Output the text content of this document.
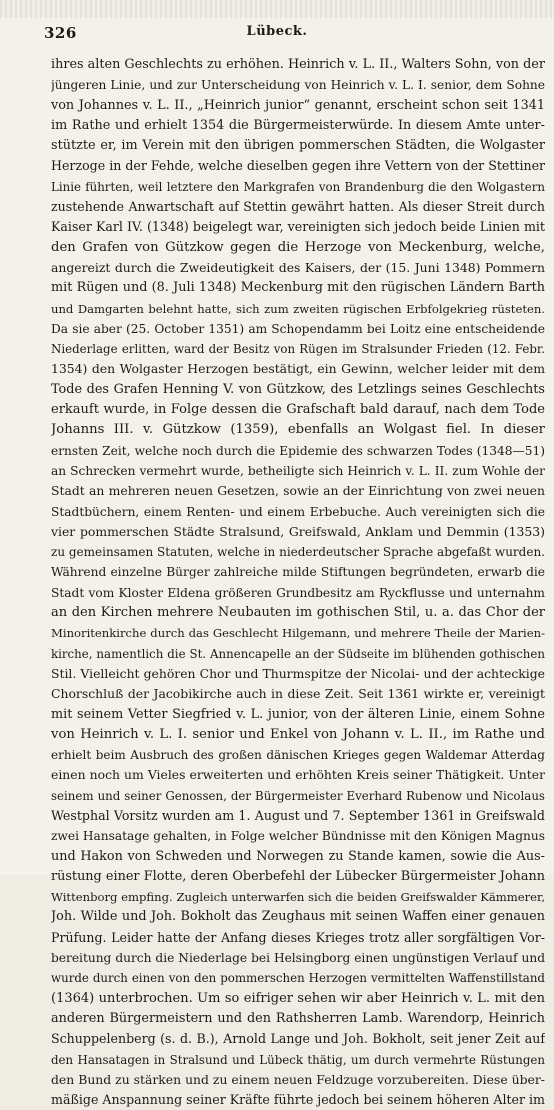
326	Lübeck.
ihres alten Geschlechts zu erhöhen. Heinrich v. L. II., Walters Sohn, von der
jüngeren Linie, und zur Unterscheidung von Heinrich v. L. I. senior, dem Sohne
von Johannes v. L. II., „Heinrich junior“ genannt, erscheint schon seit 1341
im Rathe und erhielt 1354 die Bürgermeisterwürde. In diesem Amte unter-
stützte er, im Verein mit den übrigen pommerschen Städten, die Wolgaster
Herzoge in der Fehde, welche dieselben gegen ihre Vettern von der Stettiner
Linie führten, weil letztere den Markgrafen von Brandenburg die den Wolgastern
zustehende Anwartschaft auf Stettin gewährt hatten. Als dieser Streit durch
Kaiser Karl IV. (1348) beigelegt war, vereinigten sich jedoch beide Linien mit
den Grafen von Gützkow gegen die Herzoge von Meckenburg, welche,
angereizt durch die Zweideutigkeit des Kaisers, der (15. Juni 1348) Pommern
mit Rügen und (8. Juli 1348) Meckenburg mit den rügischen Ländern Barth
und Damgarten belehnt hatte, sich zum zweiten rügischen Erbfolgekrieg rüsteten.
Da sie aber (25. October 1351) am Schopendamm bei Loitz eine entscheidende
Niederlage erlitten, ward der Besitz von Rügen im Stralsunder Frieden (12. Febr.
1354) den Wolgaster Herzogen bestätigt, ein Gewinn, welcher leider mit dem
Tode des Grafen Henning V. von Gützkow, des Letzlings seines Geschlechts
erkauft wurde, in Folge dessen die Grafschaft bald darauf, nach dem Tode
Johanns III. v. Gützkow (1359), ebenfalls an Wolgast fiel. In dieser
ernsten Zeit, welche noch durch die Epidemie des schwarzen Todes (1348—51)
an Schrecken vermehrt wurde, betheiligte sich Heinrich v. L. II. zum Wohle der
Stadt an mehreren neuen Gesetzen, sowie an der Einrichtung von zwei neuen
Stadtbüchern, einem Renten- und einem Erbebuche. Auch vereinigten sich die
vier pommerschen Städte Stralsund, Greifswald, Anklam und Demmin (1353)
zu gemeinsamen Statuten, welche in niederdeutscher Sprache abgefaßt wurden.
Während einzelne Bürger zahlreiche milde Stiftungen begründeten, erwarb die
Stadt vom Kloster Eldena größeren Grundbesitz am Ryckflusse und unternahm
an den Kirchen mehrere Neubauten im gothischen Stil, u. a. das Chor der
Minoritenkirche durch das Geschlecht Hilgemann, und mehrere Theile der Marien-
kirche, namentlich die St. Annencapelle an der Südseite im blühenden gothischen
Stil. Vielleicht gehören Chor und Thurmspitze der Nicolai- und der achteckige
Chorschluß der Jacobikirche auch in diese Zeit. Seit 1361 wirkte er, vereinigt
mit seinem Vetter Siegfried v. L. junior, von der älteren Linie, einem Sohne
von Heinrich v. L. I. senior und Enkel von Johann v. L. II., im Rathe und
erhielt beim Ausbruch des großen dänischen Krieges gegen Waldemar Atterdag
einen noch um Vieles erweiterten und erhöhten Kreis seiner Thätigkeit. Unter
seinem und seiner Genossen, der Bürgermeister Everhard Rubenow und Nicolaus
Westphal Vorsitz wurden am 1. August und 7. September 1361 in Greifswald
zwei Hansatage gehalten, in Folge welcher Bündnisse mit den Königen Magnus
und Hakon von Schweden und Norwegen zu Stande kamen, sowie die Aus-
rüstung einer Flotte, deren Oberbefehl der Lübecker Bürgermeister Johann
Wittenborg empfing. Zugleich unterwarfen sich die beiden Greifswalder Kämmerer,
Joh. Wilde und Joh. Bokholt das Zeughaus mit seinen Waffen einer genauen
Prüfung. Leider hatte der Anfang dieses Krieges trotz aller sorgfältigen Vor-
bereitung durch die Niederlage bei Helsingborg einen ungünstigen Verlauf und
wurde durch einen von den pommerschen Herzogen vermittelten Waffenstillstand
(1364) unterbrochen. Um so eifriger sehen wir aber Heinrich v. L. mit den
anderen Bürgermeistern und den Rathsherren Lamb. Warendorp, Heinrich
Schuppelenberg (s. d. B.), Arnold Lange und Joh. Bokholt, seit jener Zeit auf
den Hansatagen in Stralsund und Lübeck thätig, um durch vermehrte Rüstungen
den Bund zu stärken und zu einem neuen Feldzuge vorzubereiten. Diese über-
mäßige Anspannung seiner Kräfte führte jedoch bei seinem höheren Alter im
